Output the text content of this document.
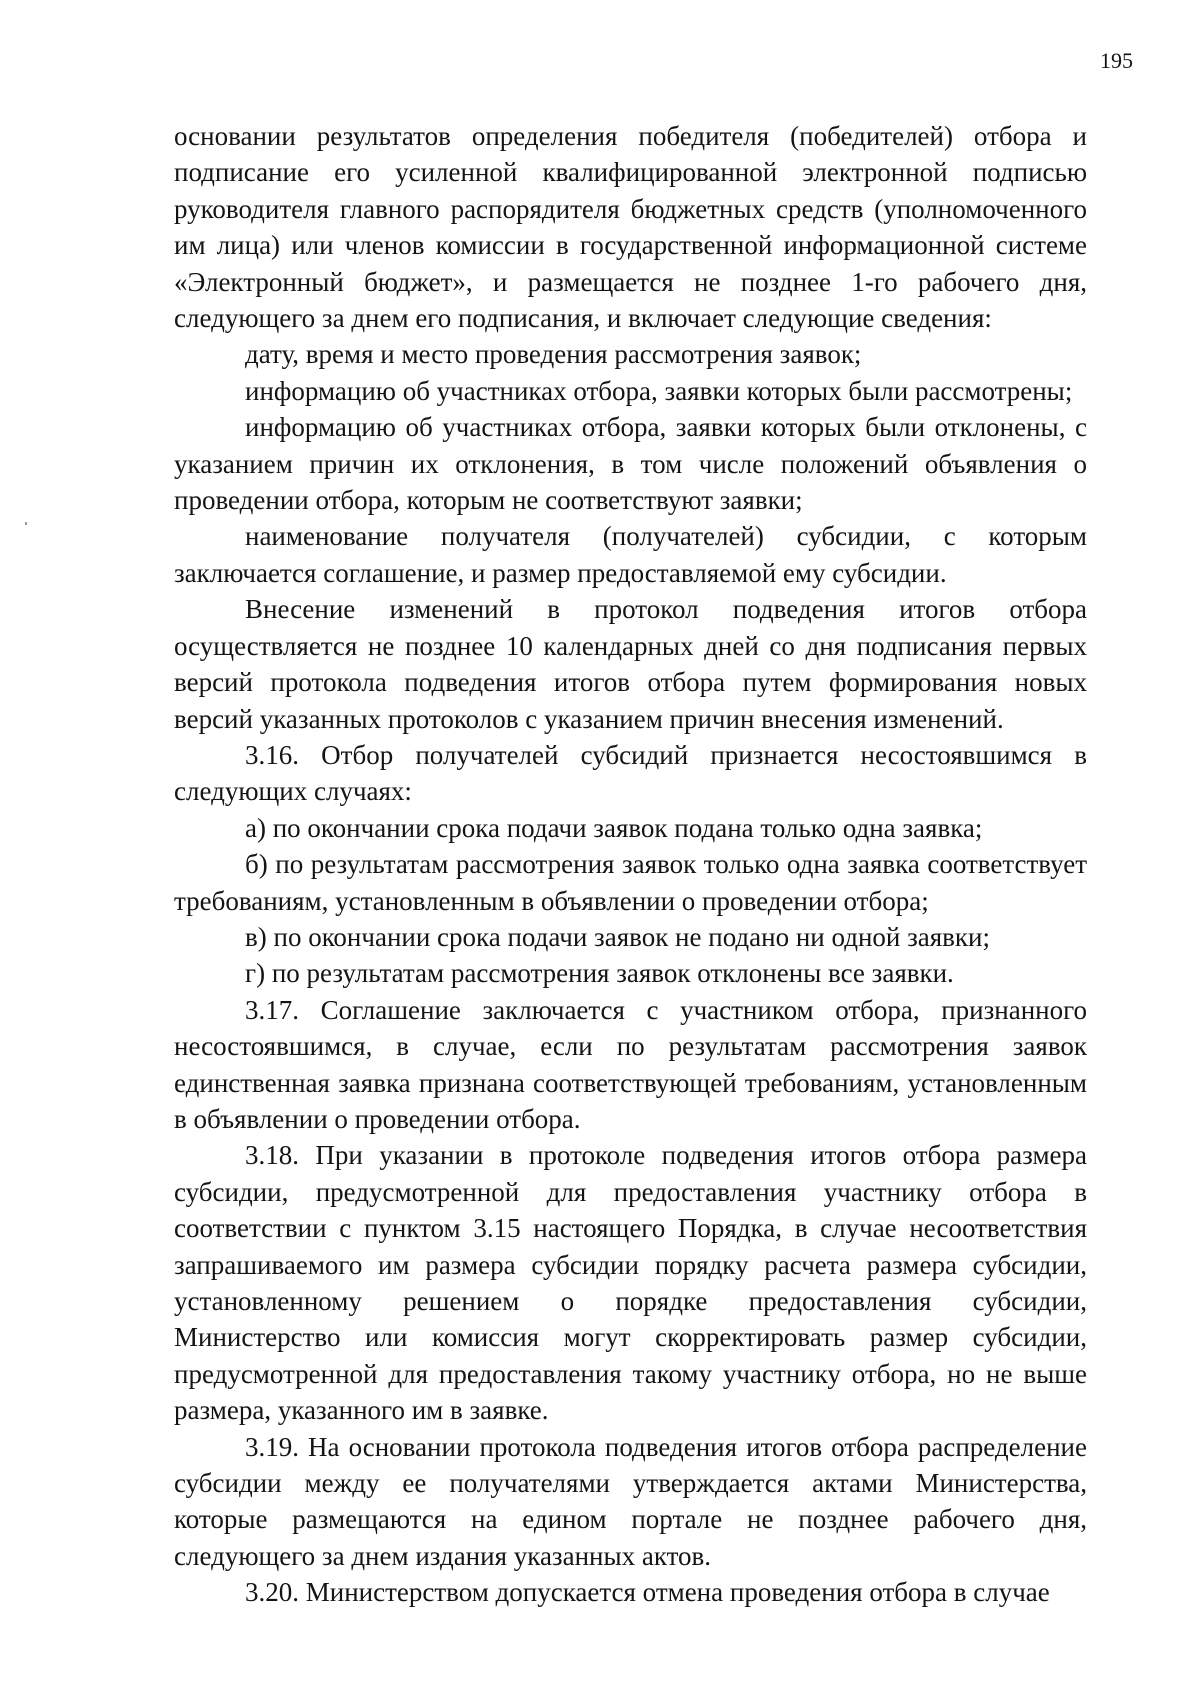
195

основании результатов определения победителя (победителей) отбора и подписание его усиленной квалифицированной электронной подписью руководителя главного распорядителя бюджетных средств (уполномоченного им лица) или членов комиссии в государственной информационной системе «Электронный бюджет», и размещается не позднее 1-го рабочего дня, следующего за днем его подписания, и включает следующие сведения:

дату, время и место проведения рассмотрения заявок;

информацию об участниках отбора, заявки которых были рассмотрены;

информацию об участниках отбора, заявки которых были отклонены, с указанием причин их отклонения, в том числе положений объявления о проведении отбора, которым не соответствуют заявки;

наименование получателя (получателей) субсидии, с которым заключается соглашение, и размер предоставляемой ему субсидии.

Внесение изменений в протокол подведения итогов отбора осуществляется не позднее 10 календарных дней со дня подписания первых версий протокола подведения итогов отбора путем формирования новых версий указанных протоколов с указанием причин внесения изменений.

3.16. Отбор получателей субсидий признается несостоявшимся в следующих случаях:

а) по окончании срока подачи заявок подана только одна заявка;

б) по результатам рассмотрения заявок только одна заявка соответствует требованиям, установленным в объявлении о проведении отбора;

в) по окончании срока подачи заявок не подано ни одной заявки;

г) по результатам рассмотрения заявок отклонены все заявки.

3.17. Соглашение заключается с участником отбора, признанного несостоявшимся, в случае, если по результатам рассмотрения заявок единственная заявка признана соответствующей требованиям, установленным в объявлении о проведении отбора.

3.18. При указании в протоколе подведения итогов отбора размера субсидии, предусмотренной для предоставления участнику отбора в соответствии с пунктом 3.15 настоящего Порядка, в случае несоответствия запрашиваемого им размера субсидии порядку расчета размера субсидии, установленному решением о порядке предоставления субсидии, Министерство или комиссия могут скорректировать размер субсидии, предусмотренной для предоставления такому участнику отбора, но не выше размера, указанного им в заявке.

3.19. На основании протокола подведения итогов отбора распределение субсидии между ее получателями утверждается актами Министерства, которые размещаются на едином портале не позднее рабочего дня, следующего за днем издания указанных актов.

3.20. Министерством допускается отмена проведения отбора в случае
